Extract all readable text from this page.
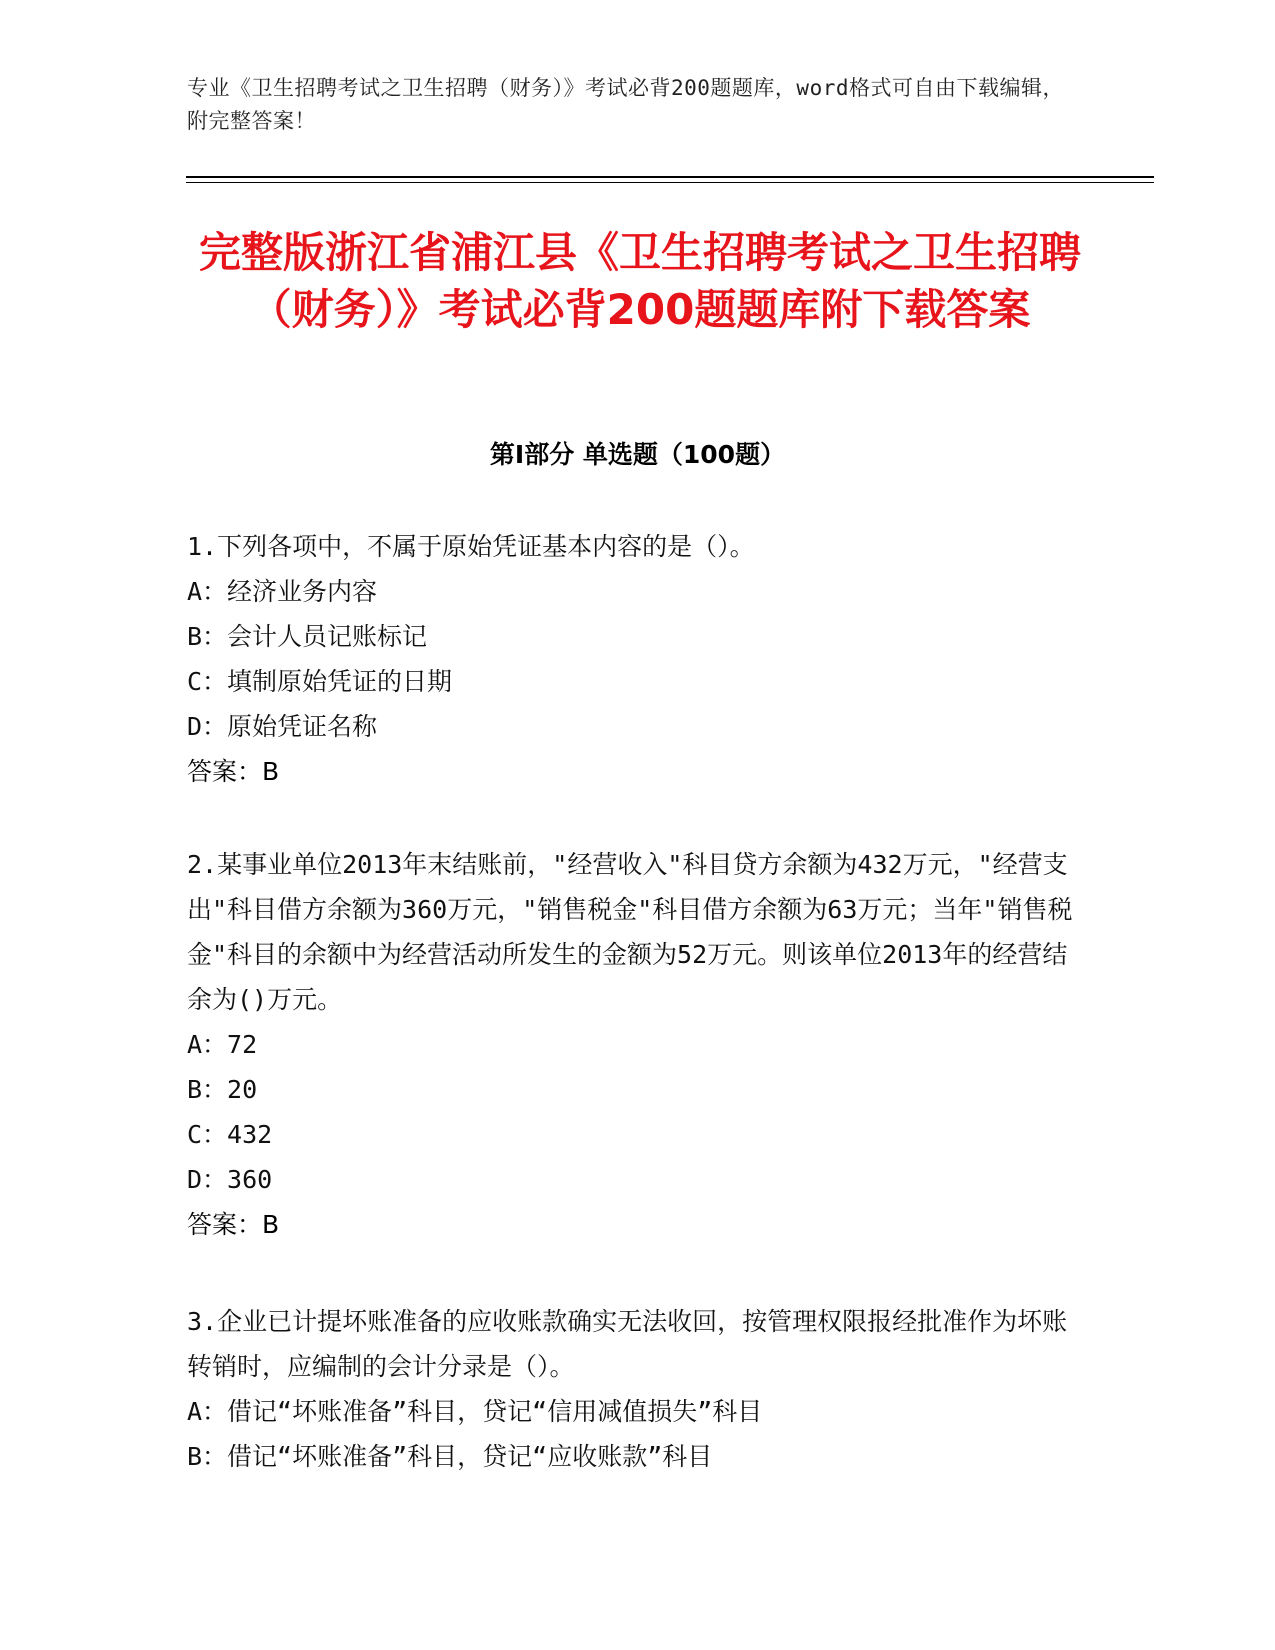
专业《卫生招聘考试之卫生招聘（财务）》考试必背200题题库，word格式可自由下载编辑，附完整答案！
完整版浙江省浦江县《卫生招聘考试之卫生招聘（财务）》考试必背200题题库附下载答案
第I部分 单选题（100题）

1.下列各项中，不属于原始凭证基本内容的是（）。

A：经济业务内容

B：会计人员记账标记

C：填制原始凭证的日期

D：原始凭证名称

答案：B

2.某事业单位2013年末结账前，"经营收入"科目贷方余额为432万元，"经营支出"科目借方余额为360万元，"销售税金"科目借方余额为63万元；当年"销售税金"科目的余额中为经营活动所发生的金额为52万元。则该单位2013年的经营结余为()万元。

A：72

B：20

C：432

D：360

答案：B

3.企业已计提坏账准备的应收账款确实无法收回，按管理权限报经批准作为坏账转销时，应编制的会计分录是（）。

A：借记“坏账准备”科目，贷记“信用减值损失”科目

B：借记“坏账准备”科目，贷记“应收账款”科目
